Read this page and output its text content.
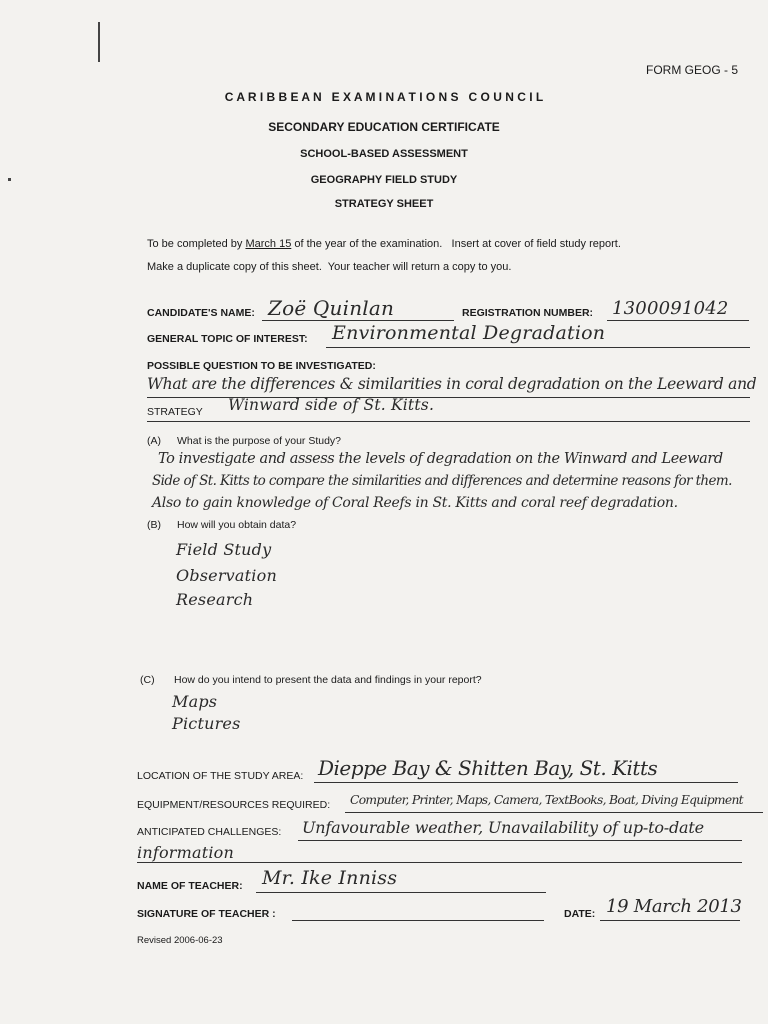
FORM GEOG - 5
C A R I B B E A N   E X A M I N A T I O N S   C O U N C I L
SECONDARY EDUCATION CERTIFICATE
SCHOOL-BASED ASSESSMENT
GEOGRAPHY FIELD STUDY
STRATEGY SHEET
To be completed by March 15 of the year of the examination.   Insert at cover of field study report.
Make a duplicate copy of this sheet.  Your teacher will return a copy to you.
CANDIDATE'S NAME: Zoë Quinlan	REGISTRATION NUMBER: 1300091042
GENERAL TOPIC OF INTEREST: Environmental Degradation
POSSIBLE QUESTION TO BE INVESTIGATED:
What are the differences & similarities in coral degradation on the Leeward and
STRATEGY Winward side of St. Kitts.
(A) What is the purpose of your Study?
To investigate and assess the levels of degradation on the Winward and Leeward
Side of St. Kitts to compare the similarities and differences and determine reasons for them.
Also to gain knowledge of Coral Reefs in St. Kitts and coral reef degradation.
(B) How will you obtain data?
Field Study
Observation
Research
(C) How do you intend to present the data and findings in your report?
Maps
Pictures
LOCATION OF THE STUDY AREA: Dieppe Bay & Shitten Bay, St. Kitts
EQUIPMENT/RESOURCES REQUIRED: Computer, Printer, Maps, Camera, TextBooks, Boat, Diving Equipment
ANTICIPATED CHALLENGES: Unfavourable weather, Unavailability of up-to-date
information
NAME OF TEACHER: Mr. Ike Inniss
SIGNATURE OF TEACHER :	DATE: 19 March 2013
Revised 2006-06-23
